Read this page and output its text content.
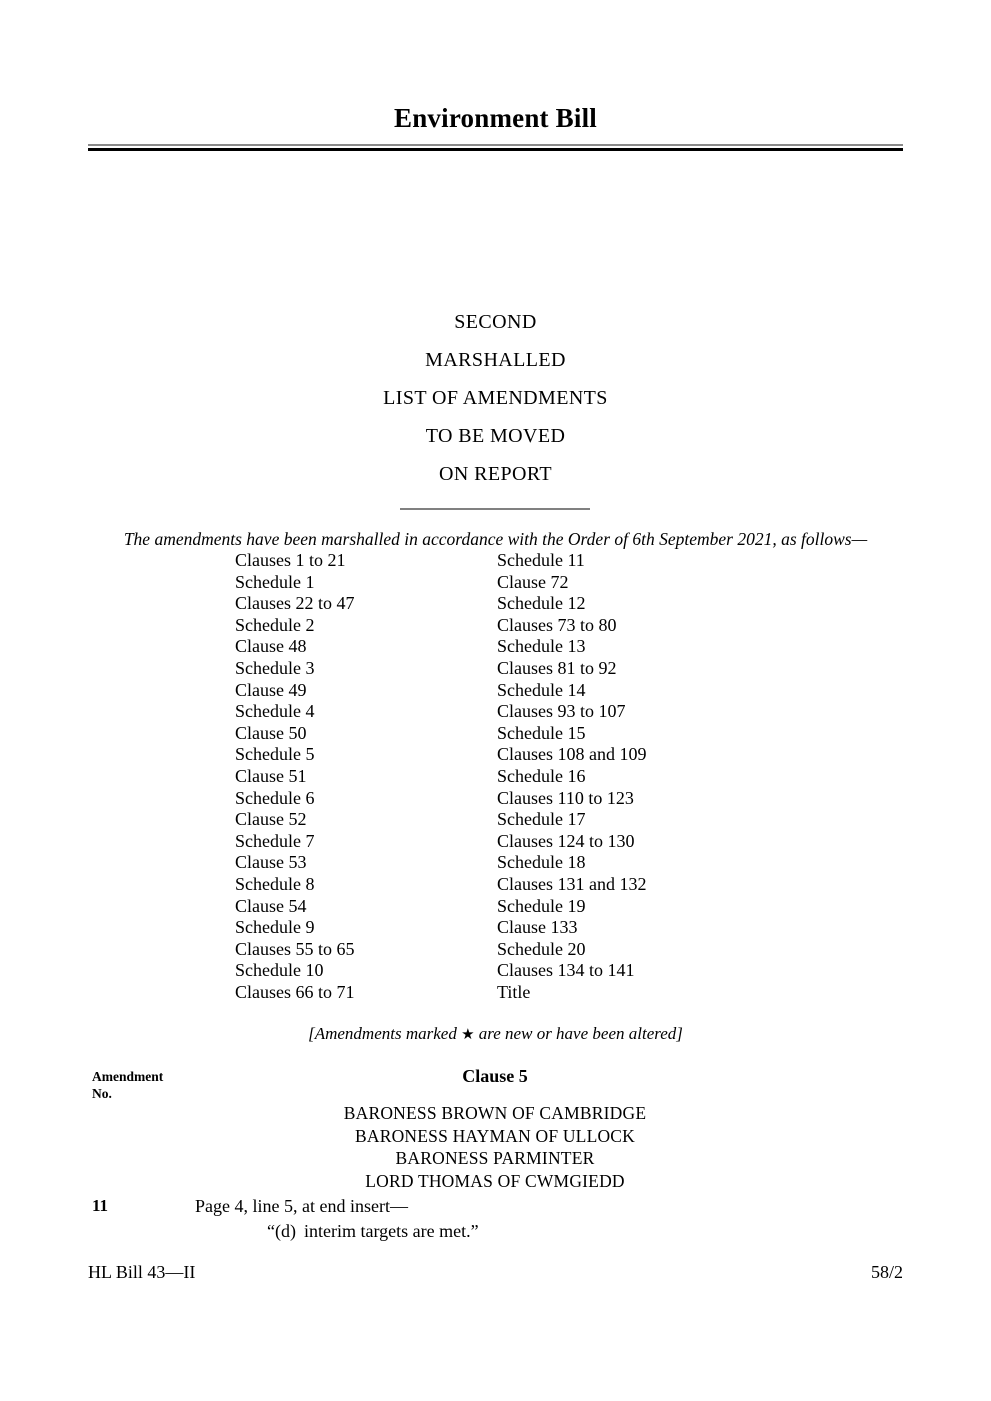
Environment Bill
SECOND
MARSHALLED
LIST OF AMENDMENTS
TO BE MOVED
ON REPORT
The amendments have been marshalled in accordance with the Order of 6th September 2021, as follows—
Clauses 1 to 21
Schedule 1
Clauses 22 to 47
Schedule 2
Clause 48
Schedule 3
Clause 49
Schedule 4
Clause 50
Schedule 5
Clause 51
Schedule 6
Clause 52
Schedule 7
Clause 53
Schedule 8
Clause 54
Schedule 9
Clauses 55 to 65
Schedule 10
Clauses 66 to 71
Schedule 11
Clause 72
Schedule 12
Clauses 73 to 80
Schedule 13
Clauses 81 to 92
Schedule 14
Clauses 93 to 107
Schedule 15
Clauses 108 and 109
Schedule 16
Clauses 110 to 123
Schedule 17
Clauses 124 to 130
Schedule 18
Clauses 131 and 132
Schedule 19
Clause 133
Schedule 20
Clauses 134 to 141
Title
[Amendments marked ★ are new or have been altered]
Amendment
No.
Clause 5
BARONESS BROWN OF CAMBRIDGE
BARONESS HAYMAN OF ULLOCK
BARONESS PARMINTER
LORD THOMAS OF CWMGIEDD
11	Page 4, line 5, at end insert—
“(d) interim targets are met.”
HL Bill 43—II	58/2
